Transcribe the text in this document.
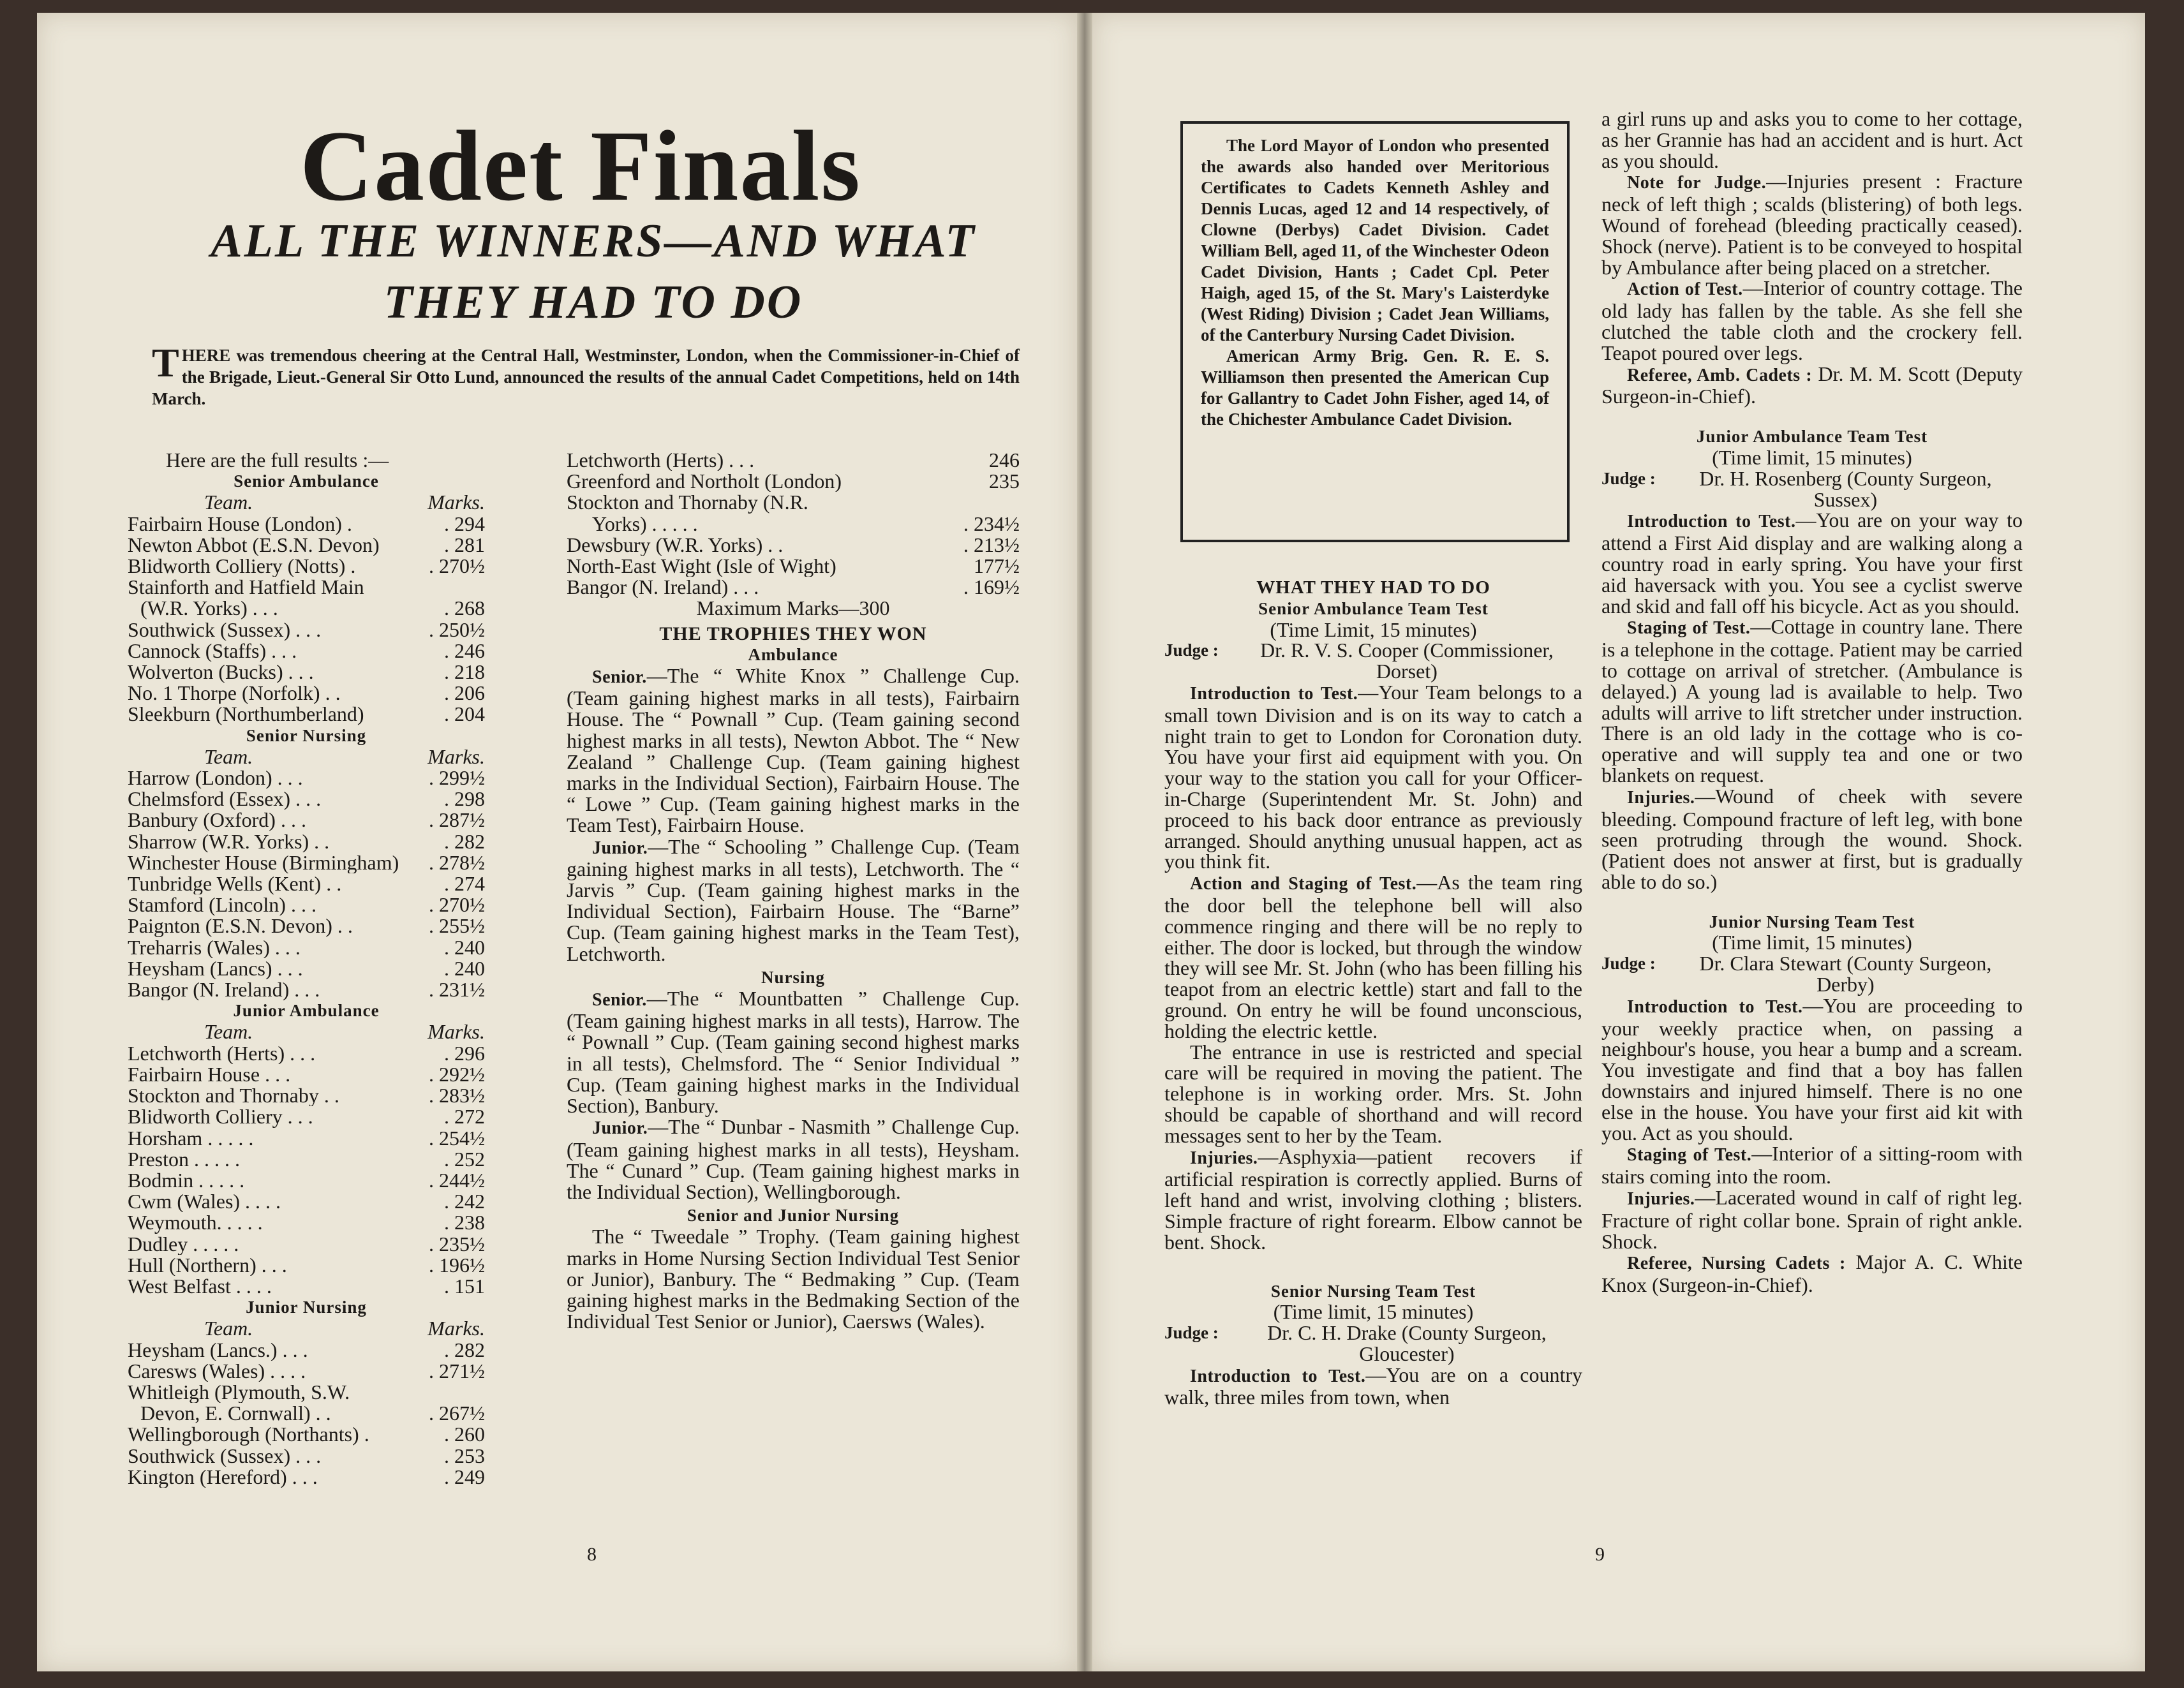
Cadet Finals
ALL THE WINNERS—AND WHAT THEY HAD TO DO
THERE was tremendous cheering at the Central Hall, Westminster, London, when the Commissioner-in-Chief of the Brigade, Lieut.-General Sir Otto Lund, announced the results of the annual Cadet Competitions, held on 14th March.
Here are the full results :—
Senior Ambulance
Team.	Marks.
Fairbairn House (London) .	. 294
Newton Abbot (E.S.N. Devon)	. 281
Blidworth Colliery (Notts) .	. 270½
Stainforth and Hatfield Main
(W.R. Yorks) . . .	. 268
Southwick (Sussex) . . .	. 250½
Cannock (Staffs) . . .	. 246
Wolverton (Bucks) . . .	. 218
No. 1 Thorpe (Norfolk) . .	. 206
Sleekburn (Northumberland)	. 204
Senior Nursing
Team.	Marks.
Harrow (London) . . .	. 299½
Chelmsford (Essex) . . .	. 298
Banbury (Oxford) . . .	. 287½
Sharrow (W.R. Yorks) . .	. 282
Winchester House (Birmingham) . 278½
Tunbridge Wells (Kent) . .	. 274
Stamford (Lincoln) . . .	. 270½
Paignton (E.S.N. Devon) . .	. 255½
Treharris (Wales) . . .	. 240
Heysham (Lancs) . . .	. 240
Bangor (N. Ireland) . . .	. 231½
Junior Ambulance
Team.	Marks.
Letchworth (Herts) . . .	. 296
Fairbairn House . . .	. 292½
Stockton and Thornaby . .	. 283½
Blidworth Colliery . . .	. 272
Horsham . . . . .	. 254½
Preston . . . . .	. 252
Bodmin . . . . .	. 244½
Cwm (Wales) . . . .	. 242
Weymouth. . . . .	. 238
Dudley . . . . .	. 235½
Hull (Northern) . . .	. 196½
West Belfast . . . .	. 151
Junior Nursing
Team.	Marks.
Heysham (Lancs.) . . .	. 282
Caresws (Wales) . . . .	. 271½
Whitleigh (Plymouth, S.W.
Devon, E. Cornwall) . .	. 267½
Wellingborough (Northants) .	. 260
Southwick (Sussex) . . .	. 253
Kington (Hereford) . . .	. 249
Letchworth (Herts) . . .	246
Greenford and Northolt (London)	235
Stockton and Thornaby (N.R.
Yorks) . . . . .	. 234½
Dewsbury (W.R. Yorks) . .	. 213½
North-East Wight (Isle of Wight)	177½
Bangor (N. Ireland) . . .	. 169½
Maximum Marks—300
THE TROPHIES THEY WON
Ambulance
Senior.—The “ White Knox ” Challenge Cup. (Team gaining highest marks in all tests), Fairbairn House. The “ Pownall ” Cup. (Team gaining second highest marks in all tests), Newton Abbot. The “ New Zealand ” Challenge Cup. (Team gaining highest marks in the Individual Section), Fairbairn House. The “ Lowe ” Cup. (Team gaining highest marks in the Team Test), Fairbairn House.
Junior.—The “ Schooling ” Challenge Cup. (Team gaining highest marks in all tests), Letchworth. The “ Jarvis ” Cup. (Team gaining highest marks in the Individual Section), Fairbairn House. The “Barne” Cup. (Team gaining highest marks in the Team Test), Letchworth.
Nursing
Senior.—The “ Mountbatten ” Challenge Cup. (Team gaining highest marks in all tests), Harrow. The “ Pownall ” Cup. (Team gaining second highest marks in all tests), Chelmsford. The “ Senior Individual ” Cup. (Team gaining highest marks in the Individual Section), Banbury.
Junior.—The “ Dunbar - Nasmith ” Challenge Cup. (Team gaining highest marks in all tests), Heysham. The “ Cunard ” Cup. (Team gaining highest marks in the Individual Section), Wellingborough.
Senior and Junior Nursing
The “ Tweedale ” Trophy. (Team gaining highest marks in Home Nursing Section Individual Test Senior or Junior), Banbury. The “ Bedmaking ” Cup. (Team gaining highest marks in the Bedmaking Section of the Individual Test Senior or Junior), Caersws (Wales).
8
The Lord Mayor of London who presented the awards also handed over Meritorious Certificates to Cadets Kenneth Ashley and Dennis Lucas, aged 12 and 14 respectively, of Clowne (Derbys) Cadet Division. Cadet William Bell, aged 11, of the Winchester Odeon Cadet Division, Hants ; Cadet Cpl. Peter Haigh, aged 15, of the St. Mary's Laisterdyke (West Riding) Division ; Cadet Jean Williams, of the Canterbury Nursing Cadet Division.
American Army Brig. Gen. R. E. S. Williamson then presented the American Cup for Gallantry to Cadet John Fisher, aged 14, of the Chichester Ambulance Cadet Division.
WHAT THEY HAD TO DO
Senior Ambulance Team Test
(Time Limit, 15 minutes)
Judge :	Dr. R. V. S. Cooper (Commissioner, Dorset)
Introduction to Test.—Your Team belongs to a small town Division and is on its way to catch a night train to get to London for Coronation duty. You have your first aid equipment with you. On your way to the station you call for your Officer-in-Charge (Superintendent Mr. St. John) and proceed to his back door entrance as previously arranged. Should anything unusual happen, act as you think fit.
Action and Staging of Test.—As the team ring the door bell the telephone bell will also commence ringing and there will be no reply to either. The door is locked, but through the window they will see Mr. St. John (who has been filling his teapot from an electric kettle) start and fall to the ground. On entry he will be found unconscious, holding the electric kettle.
The entrance in use is restricted and special care will be required in moving the patient. The telephone is in working order. Mrs. St. John should be capable of shorthand and will record messages sent to her by the Team.
Injuries.—Asphyxia—patient recovers if artificial respiration is correctly applied. Burns of left hand and wrist, involving clothing ; blisters. Simple fracture of right forearm. Elbow cannot be bent. Shock.
Senior Nursing Team Test
(Time limit, 15 minutes)
Judge :	Dr. C. H. Drake (County Surgeon, Gloucester)
Introduction to Test.—You are on a country walk, three miles from town, when
9
a girl runs up and asks you to come to her cottage, as her Grannie has had an accident and is hurt. Act as you should.
Note for Judge.—Injuries present : Fracture neck of left thigh ; scalds (blistering) of both legs. Wound of forehead (bleeding practically ceased). Shock (nerve). Patient is to be conveyed to hospital by Ambulance after being placed on a stretcher.
Action of Test.—Interior of country cottage. The old lady has fallen by the table. As she fell she clutched the table cloth and the crockery fell. Teapot poured over legs.
Referee, Amb. Cadets : Dr. M. M. Scott (Deputy Surgeon-in-Chief).
Junior Ambulance Team Test
(Time limit, 15 minutes)
Judge :	Dr. H. Rosenberg (County Surgeon, Sussex)
Introduction to Test.—You are on your way to attend a First Aid display and are walking along a country road in early spring. You have your first aid haversack with you. You see a cyclist swerve and skid and fall off his bicycle. Act as you should.
Staging of Test.—Cottage in country lane. There is a telephone in the cottage. Patient may be carried to cottage on arrival of stretcher. (Ambulance is delayed.) A young lad is available to help. Two adults will arrive to lift stretcher under instruction. There is an old lady in the cottage who is co-operative and will supply tea and one or two blankets on request.
Injuries.—Wound of cheek with severe bleeding. Compound fracture of left leg, with bone seen protruding through the wound. Shock. (Patient does not answer at first, but is gradually able to do so.)
Junior Nursing Team Test
(Time limit, 15 minutes)
Judge :	Dr. Clara Stewart (County Surgeon, Derby)
Introduction to Test.—You are proceeding to your weekly practice when, on passing a neighbour's house, you hear a bump and a scream. You investigate and find that a boy has fallen downstairs and injured himself. There is no one else in the house. You have your first aid kit with you. Act as you should.
Staging of Test.—Interior of a sitting-room with stairs coming into the room.
Injuries.—Lacerated wound in calf of right leg. Fracture of right collar bone. Sprain of right ankle. Shock.
Referee, Nursing Cadets : Major A. C. White Knox (Surgeon-in-Chief).
